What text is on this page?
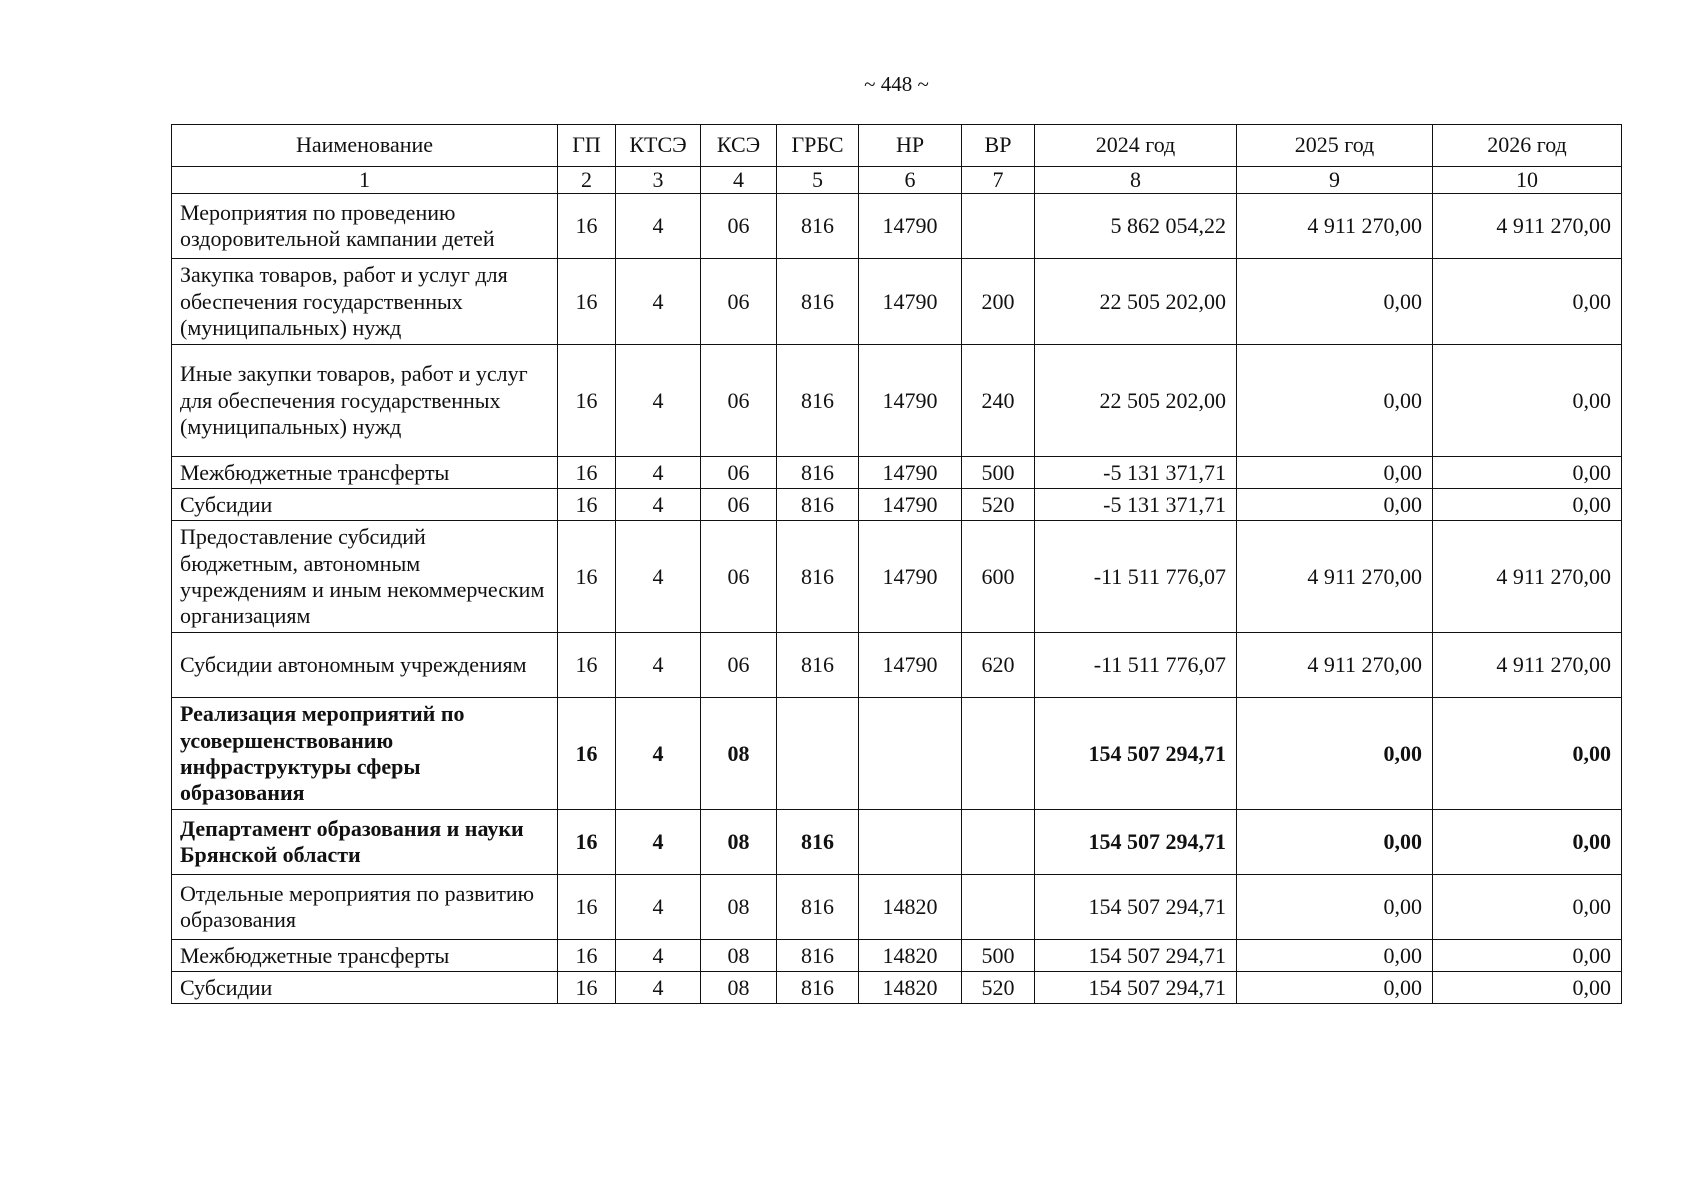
~ 448 ~
Наименование	ГП	КТСЭ	КСЭ	ГРБС	НР	ВР	2024 год	2025 год	2026 год
1	2	3	4	5	6	7	8	9	10
Мероприятия по проведению оздоровительной кампании детей	16	4	06	816	14790		5 862 054,22	4 911 270,00	4 911 270,00
Закупка товаров, работ и услуг для обеспечения государственных (муниципальных) нужд	16	4	06	816	14790	200	22 505 202,00	0,00	0,00
Иные закупки товаров, работ и услуг для обеспечения государственных (муниципальных) нужд	16	4	06	816	14790	240	22 505 202,00	0,00	0,00
Межбюджетные трансферты	16	4	06	816	14790	500	-5 131 371,71	0,00	0,00
Субсидии	16	4	06	816	14790	520	-5 131 371,71	0,00	0,00
Предоставление субсидий бюджетным, автономным учреждениям и иным некоммерческим организациям	16	4	06	816	14790	600	-11 511 776,07	4 911 270,00	4 911 270,00
Субсидии автономным учреждениям	16	4	06	816	14790	620	-11 511 776,07	4 911 270,00	4 911 270,00
Реализация мероприятий по усовершенствованию инфраструктуры сферы образования	16	4	08				154 507 294,71	0,00	0,00
Департамент образования и науки Брянской области	16	4	08	816			154 507 294,71	0,00	0,00
Отдельные мероприятия по развитию образования	16	4	08	816	14820		154 507 294,71	0,00	0,00
Межбюджетные трансферты	16	4	08	816	14820	500	154 507 294,71	0,00	0,00
Субсидии	16	4	08	816	14820	520	154 507 294,71	0,00	0,00
